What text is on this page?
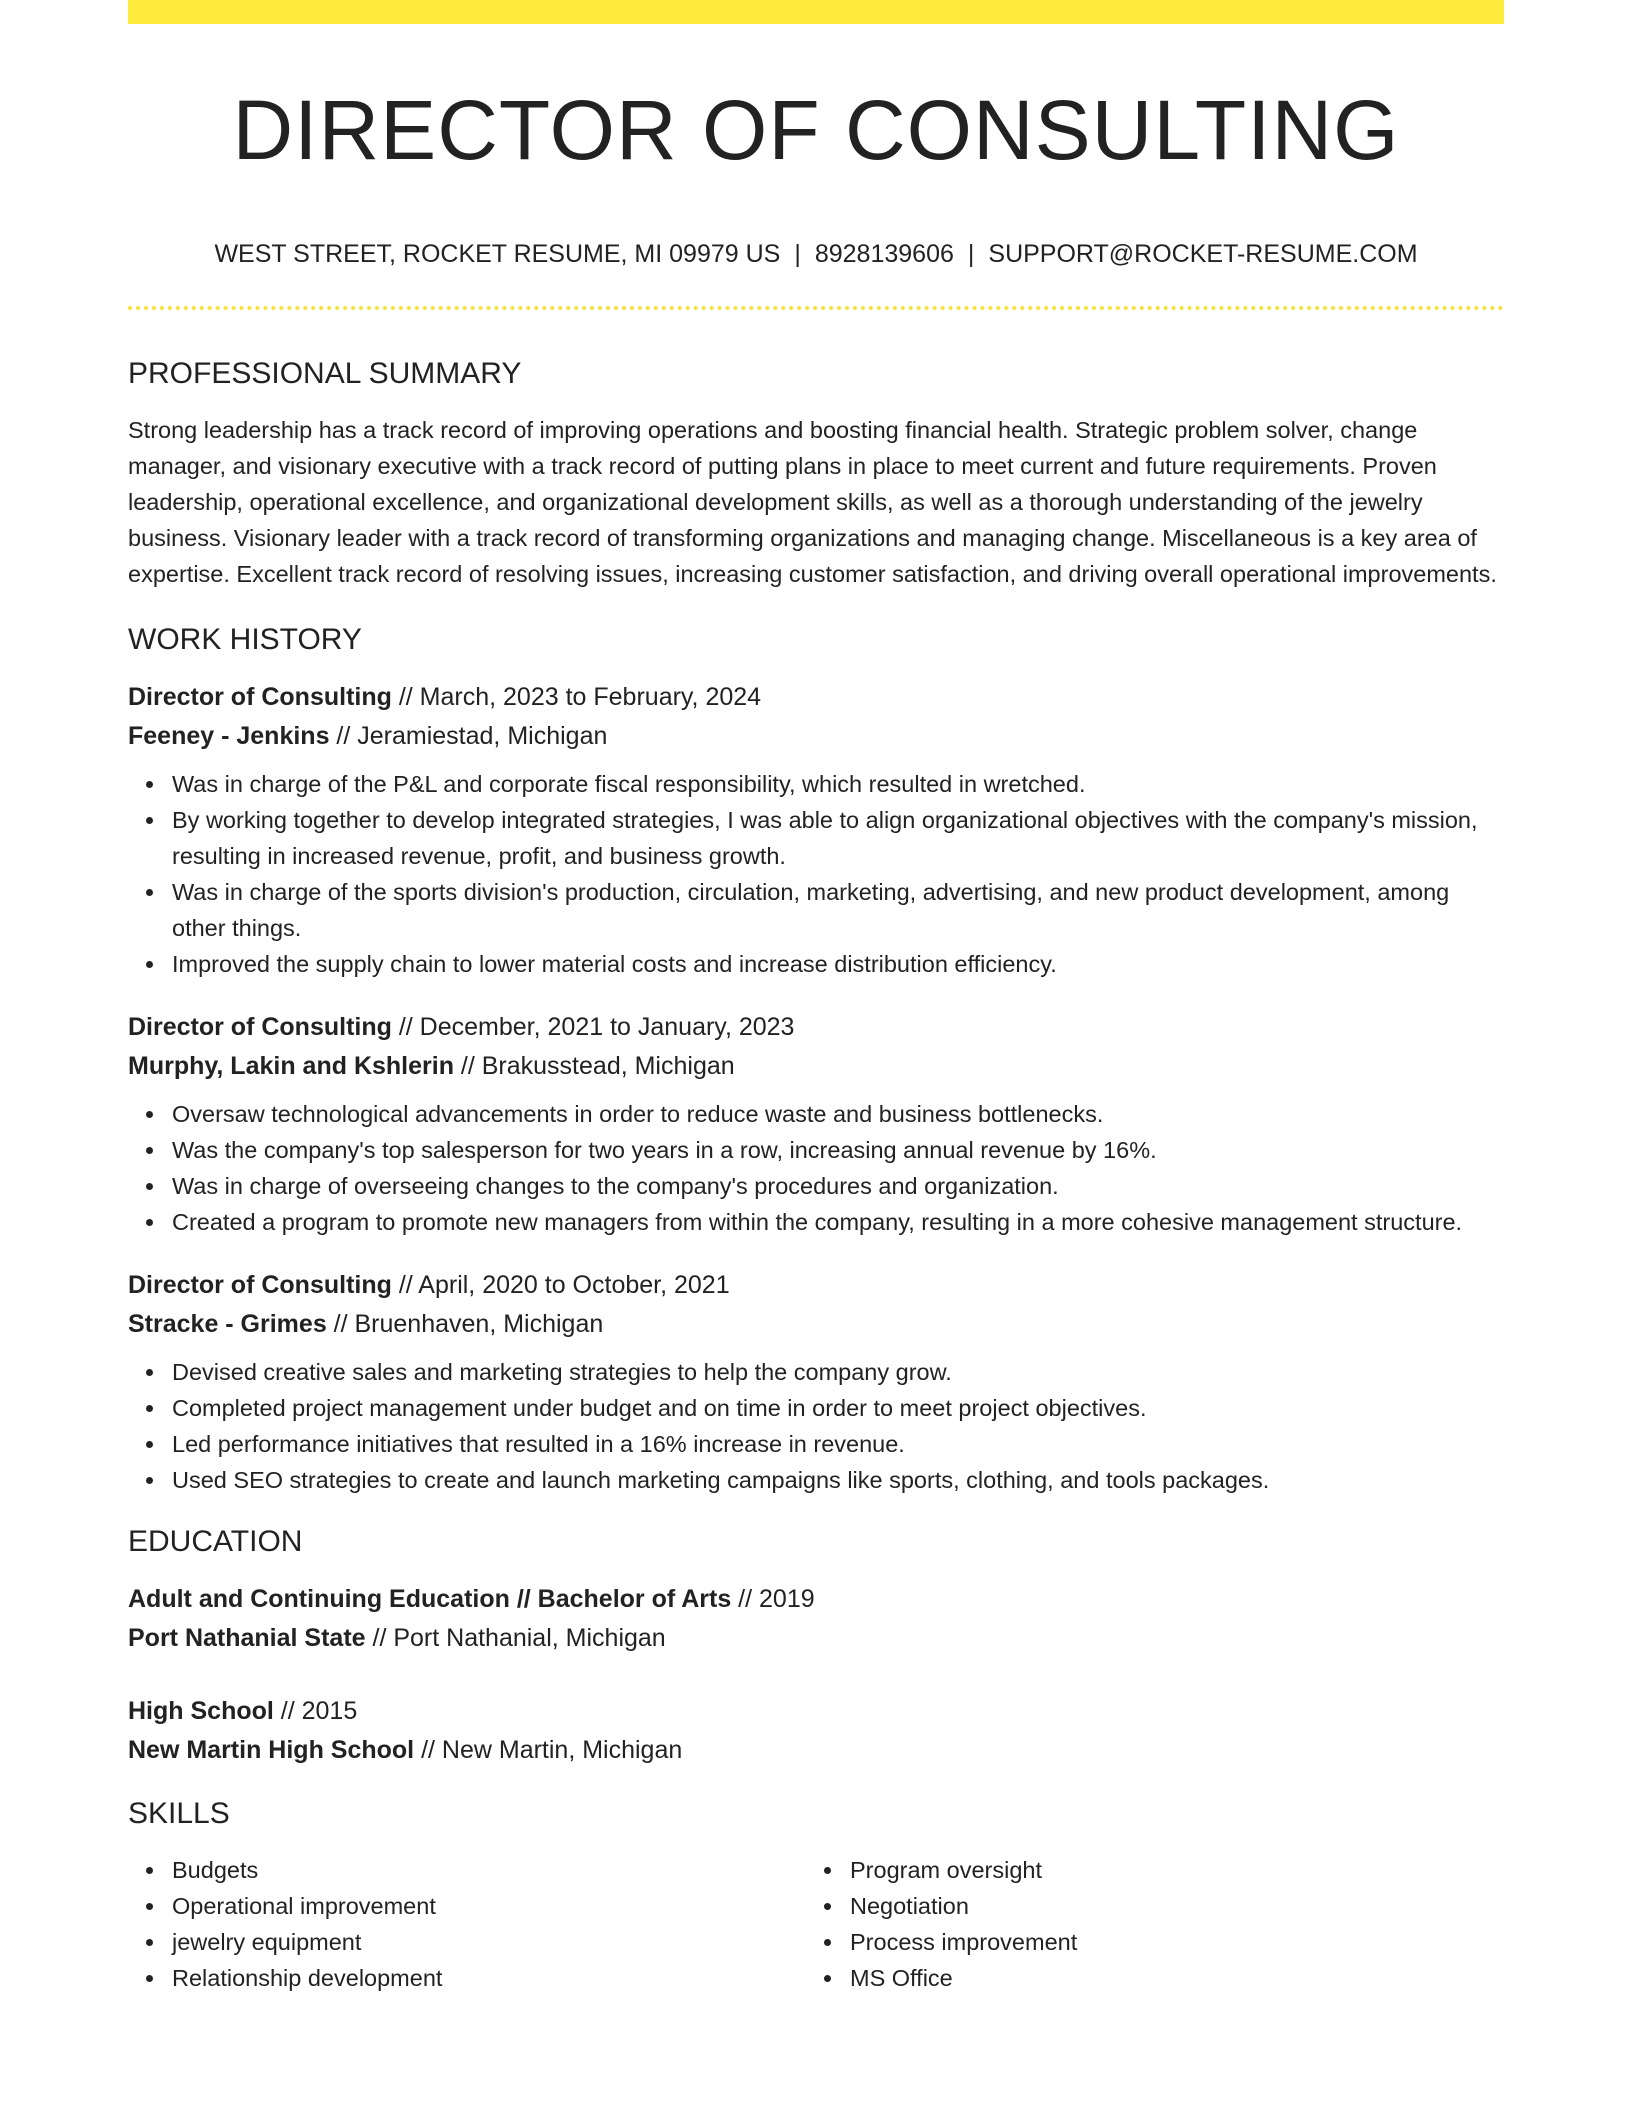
DIRECTOR OF CONSULTING
WEST STREET, ROCKET RESUME, MI 09979 US | 8928139606 | SUPPORT@ROCKET-RESUME.COM
PROFESSIONAL SUMMARY

Strong leadership has a track record of improving operations and boosting financial health. Strategic problem solver, change manager, and visionary executive with a track record of putting plans in place to meet current and future requirements. Proven leadership, operational excellence, and organizational development skills, as well as a thorough understanding of the jewelry business. Visionary leader with a track record of transforming organizations and managing change. Miscellaneous is a key area of expertise. Excellent track record of resolving issues, increasing customer satisfaction, and driving overall operational improvements.

WORK HISTORY
Director of Consulting // March, 2023 to February, 2024
Feeney - Jenkins // Jeramiestad, Michigan
Was in charge of the P&L and corporate fiscal responsibility, which resulted in wretched.
By working together to develop integrated strategies, I was able to align organizational objectives with the company's mission, resulting in increased revenue, profit, and business growth.
Was in charge of the sports division's production, circulation, marketing, advertising, and new product development, among other things.
Improved the supply chain to lower material costs and increase distribution efficiency.
Director of Consulting // December, 2021 to January, 2023
Murphy, Lakin and Kshlerin // Brakusstead, Michigan
Oversaw technological advancements in order to reduce waste and business bottlenecks.
Was the company's top salesperson for two years in a row, increasing annual revenue by 16%.
Was in charge of overseeing changes to the company's procedures and organization.
Created a program to promote new managers from within the company, resulting in a more cohesive management structure.
Director of Consulting // April, 2020 to October, 2021
Stracke - Grimes // Bruenhaven, Michigan
Devised creative sales and marketing strategies to help the company grow.
Completed project management under budget and on time in order to meet project objectives.
Led performance initiatives that resulted in a 16% increase in revenue.
Used SEO strategies to create and launch marketing campaigns like sports, clothing, and tools packages.
EDUCATION
Adult and Continuing Education // Bachelor of Arts // 2019
Port Nathanial State // Port Nathanial, Michigan
High School // 2015
New Martin High School // New Martin, Michigan
SKILLS
Budgets
Operational improvement
jewelry equipment
Relationship development
Program oversight
Negotiation
Process improvement
MS Office
